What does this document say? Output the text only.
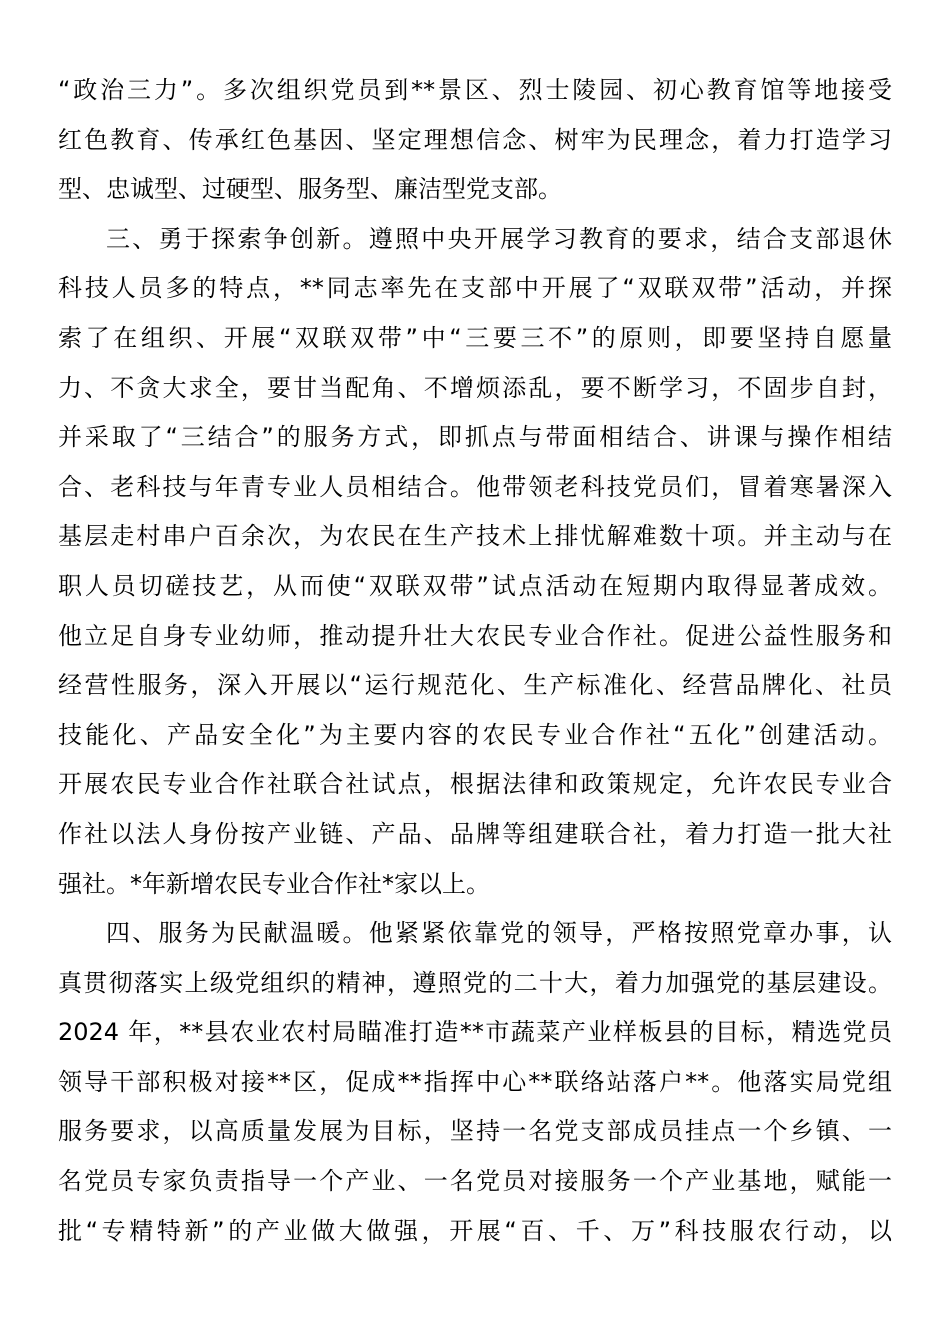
“政治三力”。多次组织党员到**景区、烈士陵园、初心教育馆等地接受
红色教育、传承红色基因、坚定理想信念、树牢为民理念，着力打造学习
型、忠诚型、过硬型、服务型、廉洁型党支部。
三、勇于探索争创新。遵照中央开展学习教育的要求，结合支部退休
科技人员多的特点，**同志率先在支部中开展了“双联双带”活动，并探
索了在组织、开展“双联双带”中“三要三不”的原则，即要坚持自愿量
力、不贪大求全，要甘当配角、不增烦添乱，要不断学习，不固步自封，
并采取了“三结合”的服务方式，即抓点与带面相结合、讲课与操作相结
合、老科技与年青专业人员相结合。他带领老科技党员们，冒着寒暑深入
基层走村串户百余次，为农民在生产技术上排忧解难数十项。并主动与在
职人员切磋技艺，从而使“双联双带”试点活动在短期内取得显著成效。
他立足自身专业幼师，推动提升壮大农民专业合作社。促进公益性服务和
经营性服务，深入开展以“运行规范化、生产标准化、经营品牌化、社员
技能化、产品安全化”为主要内容的农民专业合作社“五化”创建活动。
开展农民专业合作社联合社试点，根据法律和政策规定，允许农民专业合
作社以法人身份按产业链、产品、品牌等组建联合社，着力打造一批大社
强社。*年新增农民专业合作社*家以上。
四、服务为民献温暖。他紧紧依靠党的领导，严格按照党章办事，认
真贯彻落实上级党组织的精神，遵照党的二十大，着力加强党的基层建设。
2024 年，**县农业农村局瞄准打造**市蔬菜产业样板县的目标，精选党员
领导干部积极对接**区，促成**指挥中心**联络站落户**。他落实局党组
服务要求，以高质量发展为目标，坚持一名党支部成员挂点一个乡镇、一
名党员专家负责指导一个产业、一名党员对接服务一个产业基地，赋能一
批“专精特新”的产业做大做强，开展“百、千、万”科技服农行动，以
